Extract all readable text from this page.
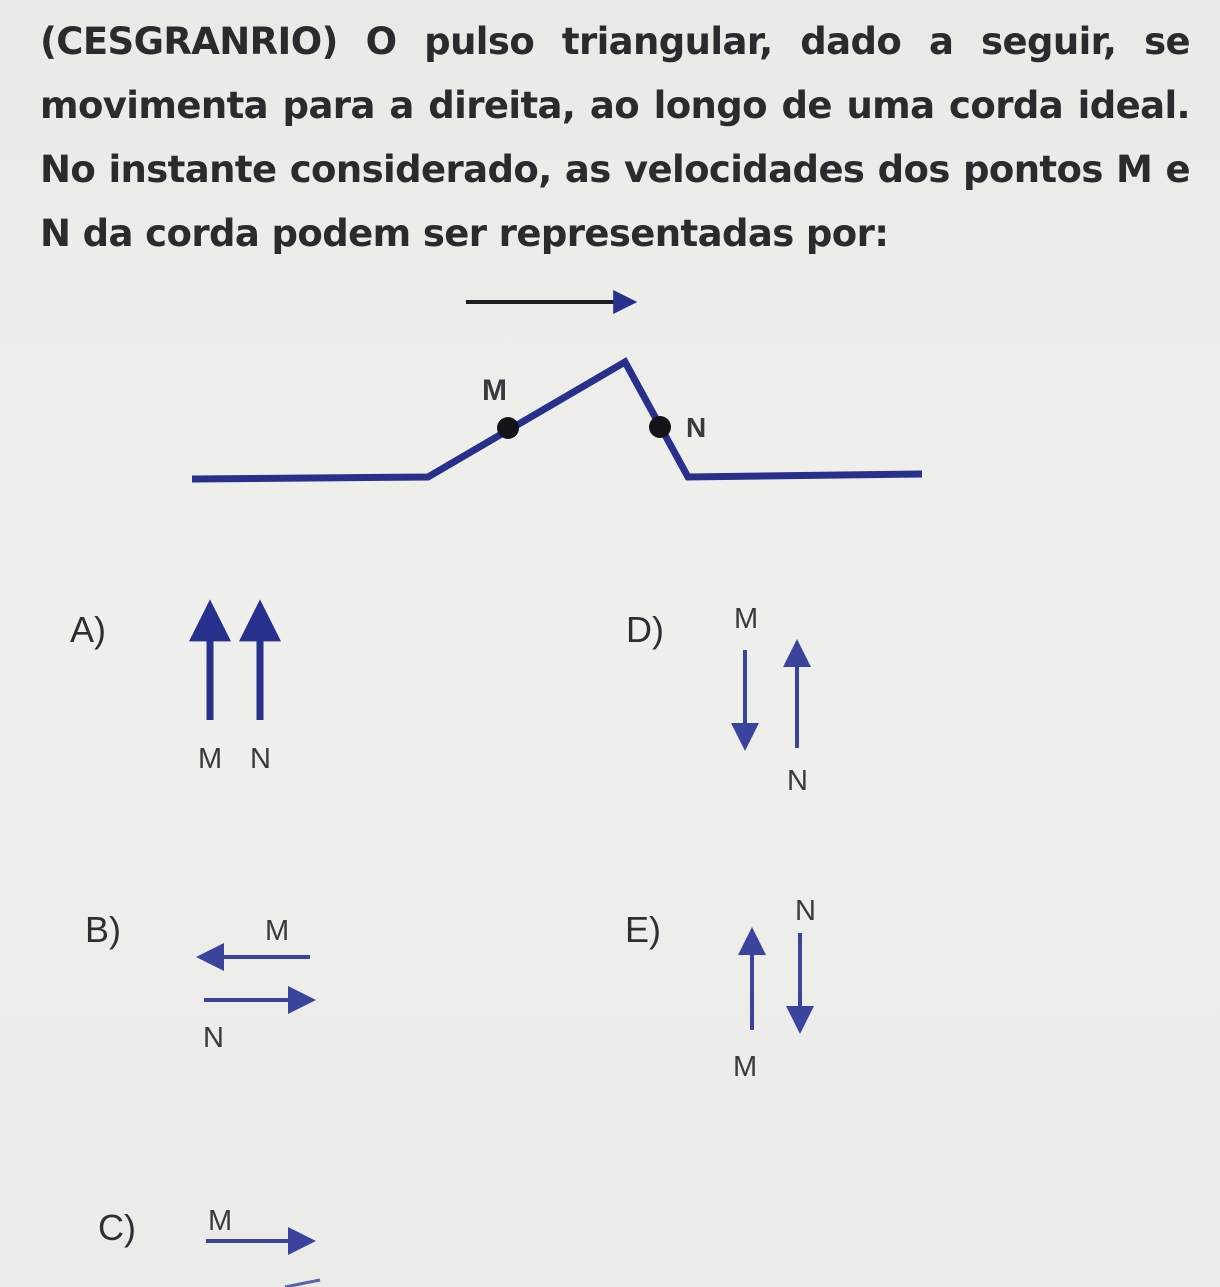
(CESGRANRIO) O pulso triangular, dado a seguir, se movimenta para a direita, ao longo de uma corda ideal. No instante considerado, as velocidades dos pontos M e N da corda podem ser representadas por:

M
N
A)
M N
B)	M
N
C) M
D) M
N
E)	N
M
